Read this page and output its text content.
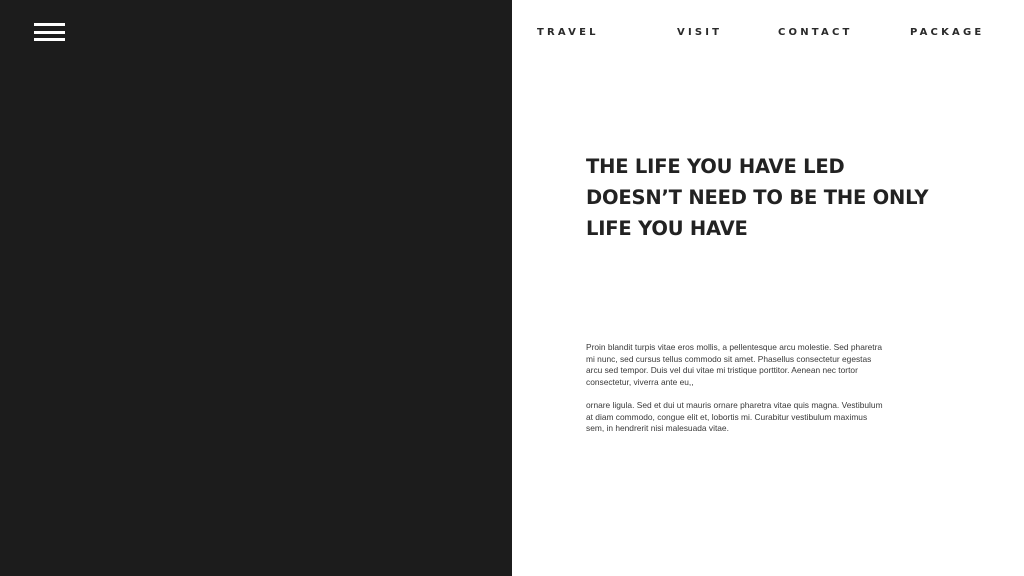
TRAVEL	VISIT	CONTACT	PACKAGE
THE LIFE YOU HAVE LED
DOESN’T NEED TO BE THE ONLY
LIFE YOU HAVE

Proin blandit turpis vitae eros mollis, a pellentesque arcu molestie. Sed pharetra mi nunc, sed cursus tellus commodo sit amet. Phasellus consectetur egestas arcu sed tempor. Duis vel dui vitae mi tristique porttitor. Aenean nec tortor consectetur, viverra ante eu,,

ornare ligula. Sed et dui ut mauris ornare pharetra vitae quis magna. Vestibulum at diam commodo, congue elit et, lobortis mi. Curabitur vestibulum maximus sem, in hendrerit nisi malesuada vitae.
